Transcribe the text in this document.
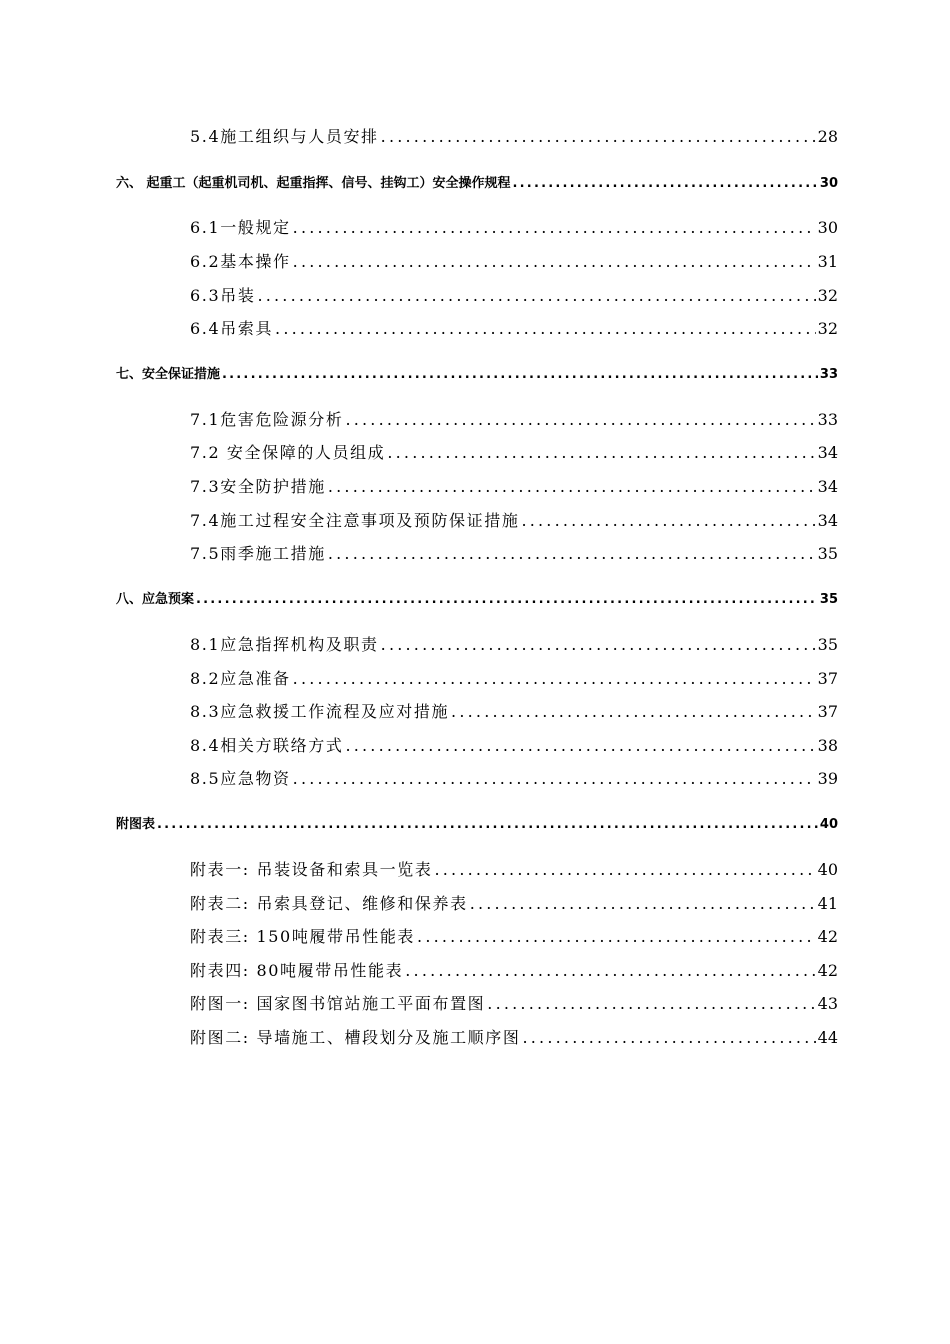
5.4施工组织与人员安排 .....	28
六、 起重工（起重机司机、起重指挥、信号、挂钩工）安全操作规程 .....	30
6.1一般规定 .....	30
6.2基本操作 .....	31
6.3吊装 .....	32
6.4吊索具 .....	32
七、安全保证措施 .....	33
7.1危害危险源分析 .....	33
7.2 安全保障的人员组成 .....	34
7.3安全防护措施 .....	34
7.4施工过程安全注意事项及预防保证措施 .....	34
7.5雨季施工措施 .....	35
八、应急预案 .....	35
8.1应急指挥机构及职责 .....	35
8.2应急准备 .....	37
8.3应急救援工作流程及应对措施 .....	37
8.4相关方联络方式 .....	38
8.5应急物资 .....	39
附图表 .....	40
附表一: 吊装设备和索具一览表 .....	40
附表二: 吊索具登记、维修和保养表 .....	41
附表三: 150吨履带吊性能表 .....	42
附表四: 80吨履带吊性能表 .....	42
附图一: 国家图书馆站施工平面布置图 .....	43
附图二: 导墙施工、槽段划分及施工顺序图 .....	44
